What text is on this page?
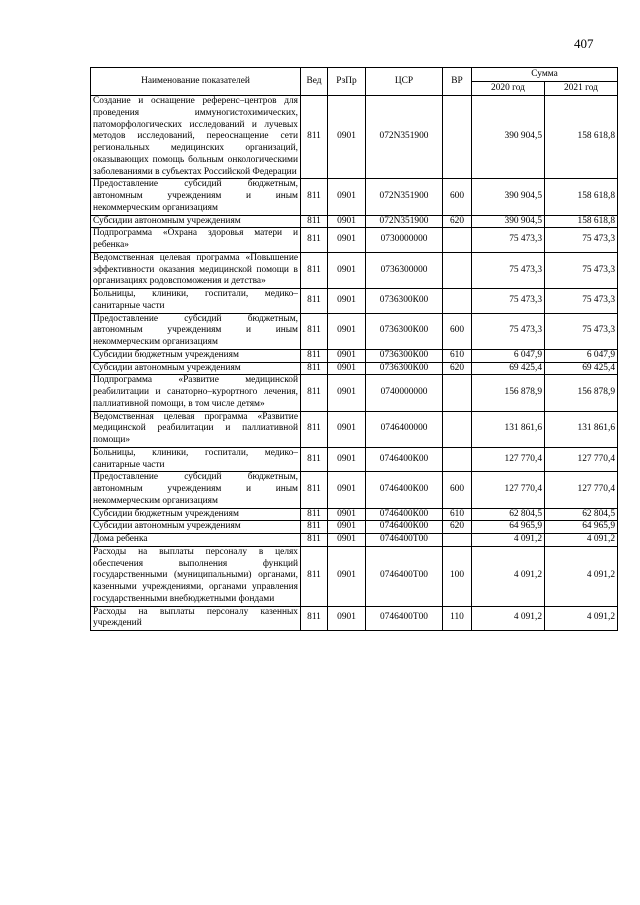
407
Наименование показателей	Вед	РзПр	ЦСР	ВР	Сумма	
					2020 год	2021 год
Создание и оснащение референс–центров для проведения иммуногистохимических, патоморфологических исследований и лучевых методов исследований, переоснащение сети региональных медицинских организаций, оказывающих помощь больным онкологическими заболеваниями в субъектах Российской Федерации	811	0901	072N351900		390 904,5	158 618,8
Предоставление субсидий бюджетным, автономным учреждениям и иным некоммерческим организациям	811	0901	072N351900	600	390 904,5	158 618,8
Субсидии автономным учреждениям	811	0901	072N351900	620	390 904,5	158 618,8
Подпрограмма «Охрана здоровья матери и ребенка»	811	0901	0730000000		75 473,3	75 473,3
Ведомственная целевая программа «Повышение эффективности оказания медицинской помощи в организациях родовспоможения и детства»	811	0901	0736300000		75 473,3	75 473,3
Больницы, клиники, госпитали, медико–санитарные части	811	0901	0736300К00		75 473,3	75 473,3
Предоставление субсидий бюджетным, автономным учреждениям и иным некоммерческим организациям	811	0901	0736300К00	600	75 473,3	75 473,3
Субсидии бюджетным учреждениям	811	0901	0736300К00	610	6 047,9	6 047,9
Субсидии автономным учреждениям	811	0901	0736300К00	620	69 425,4	69 425,4
Подпрограмма «Развитие медицинской реабилитации и санаторно–курортного лечения, паллиативной помощи, в том числе детям»	811	0901	0740000000		156 878,9	156 878,9
Ведомственная целевая программа «Развитие медицинской реабилитации и паллиативной помощи»	811	0901	0746400000		131 861,6	131 861,6
Больницы, клиники, госпитали, медико–санитарные части	811	0901	0746400К00		127 770,4	127 770,4
Предоставление субсидий бюджетным, автономным учреждениям и иным некоммерческим организациям	811	0901	0746400К00	600	127 770,4	127 770,4
Субсидии бюджетным учреждениям	811	0901	0746400К00	610	62 804,5	62 804,5
Субсидии автономным учреждениям	811	0901	0746400К00	620	64 965,9	64 965,9
Дома ребенка	811	0901	0746400Т00		4 091,2	4 091,2
Расходы на выплаты персоналу в целях обеспечения выполнения функций государственными (муниципальными) органами, казенными учреждениями, органами управления государственными внебюджетными фондами	811	0901	0746400Т00	100	4 091,2	4 091,2
Расходы на выплаты персоналу казенных учреждений	811	0901	0746400Т00	110	4 091,2	4 091,2
